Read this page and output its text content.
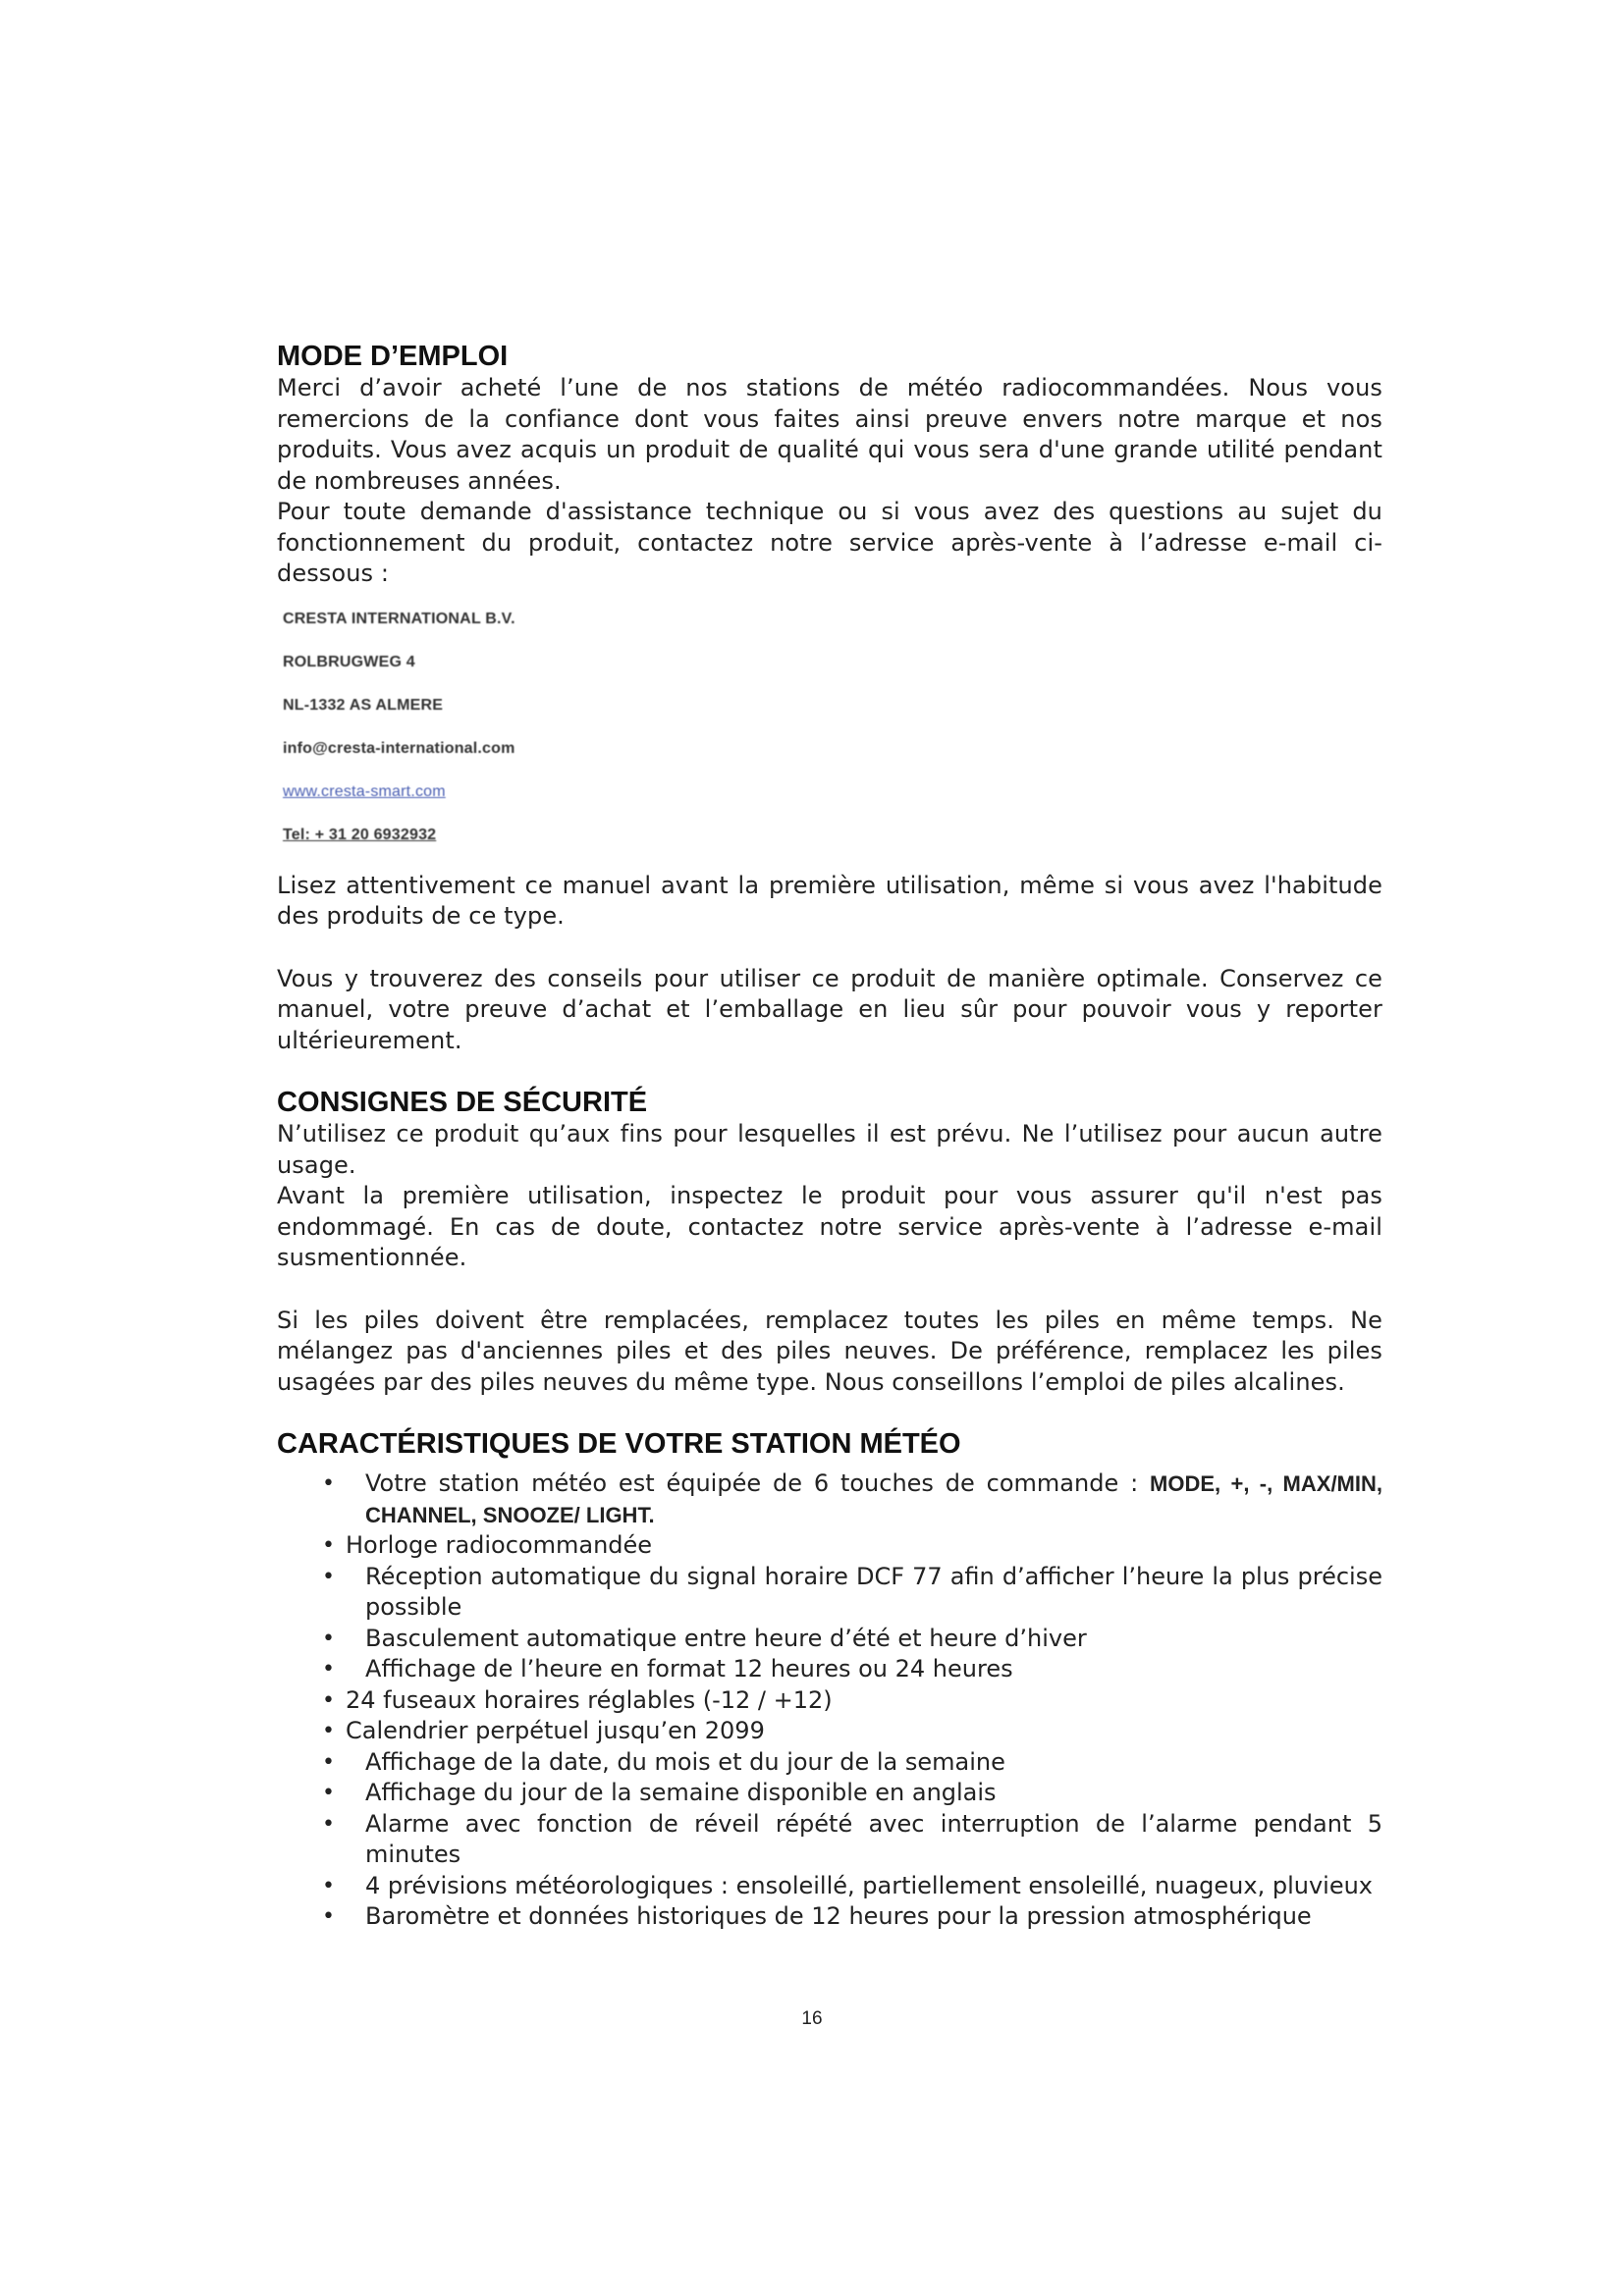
MODE D’EMPLOI

Merci d’avoir acheté l’une de nos stations de météo radiocommandées. Nous vous remercions de la confiance dont vous faites ainsi preuve envers notre marque et nos produits. Vous avez acquis un produit de qualité qui vous sera d'une grande utilité pendant de nombreuses années.

Pour toute demande d'assistance technique ou si vous avez des questions au sujet du fonctionnement du produit, contactez notre service après-vente à l’adresse e-mail ci-dessous :

CRESTA INTERNATIONAL B.V.
ROLBRUGWEG 4
NL-1332 AS ALMERE
info@cresta-international.com
www.cresta-smart.com
Tel: + 31 20 6932932

Lisez attentivement ce manuel avant la première utilisation, même si vous avez l'habitude des produits de ce type.

Vous y trouverez des conseils pour utiliser ce produit de manière optimale. Conservez ce manuel, votre preuve d’achat et l’emballage en lieu sûr pour pouvoir vous y reporter ultérieurement.

CONSIGNES DE SÉCURITÉ

N’utilisez ce produit qu’aux fins pour lesquelles il est prévu. Ne l’utilisez pour aucun autre usage.

Avant la première utilisation, inspectez le produit pour vous assurer qu'il n'est pas endommagé. En cas de doute, contactez notre service après-vente à l’adresse e-mail susmentionnée.

Si les piles doivent être remplacées, remplacez toutes les piles en même temps. Ne mélangez pas d'anciennes piles et des piles neuves. De préférence, remplacez les piles usagées par des piles neuves du même type. Nous conseillons l’emploi de piles alcalines.

CARACTÉRISTIQUES DE VOTRE STATION MÉTÉO
• Votre station météo est équipée de 6 touches de commande : MODE, +, -, MAX/MIN, CHANNEL, SNOOZE/ LIGHT.
• Horloge radiocommandée
• Réception automatique du signal horaire DCF 77 afin d’afficher l’heure la plus précise possible
• Basculement automatique entre heure d’été et heure d’hiver
• Affichage de l’heure en format 12 heures ou 24 heures
• 24 fuseaux horaires réglables (-12 / +12)
• Calendrier perpétuel jusqu’en 2099
• Affichage de la date, du mois et du jour de la semaine
• Affichage du jour de la semaine disponible en anglais
• Alarme avec fonction de réveil répété avec interruption de l’alarme pendant 5 minutes
• 4 prévisions météorologiques : ensoleillé, partiellement ensoleillé, nuageux, pluvieux
• Baromètre et données historiques de 12 heures pour la pression atmosphérique
16
